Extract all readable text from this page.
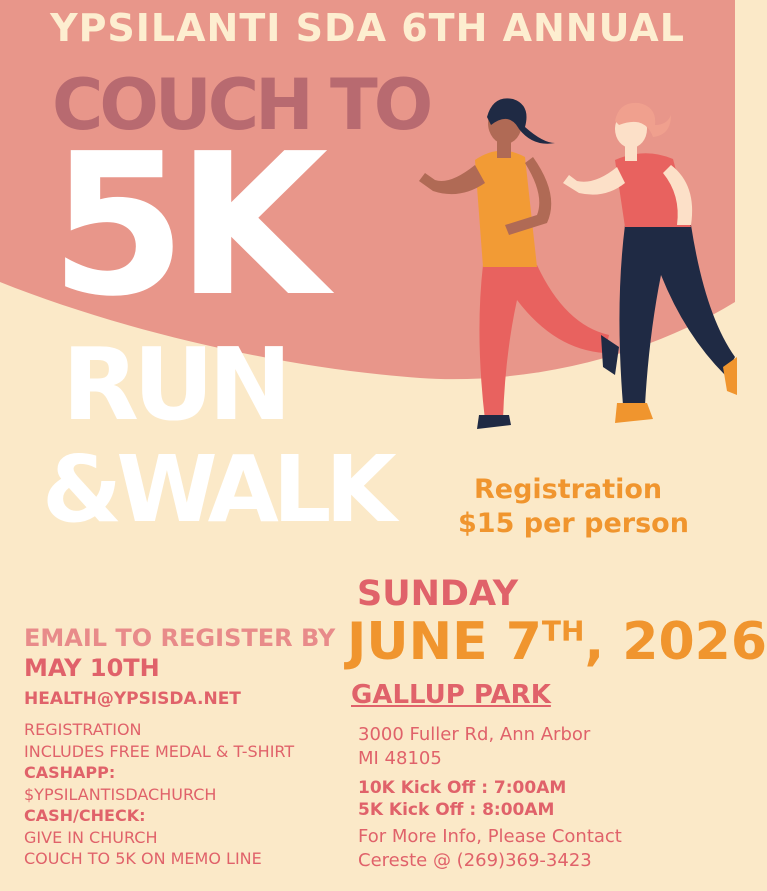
YPSILANTI SDA 6TH ANNUAL
COUCH TO
5K
RUN
&WALK	Registration
$15 per person
SUNDAY
JUNE 7TH, 2026
GALLUP PARK
3000 Fuller Rd, Ann Arbor
MI 48105
10K Kick Off : 7:00AM
5K Kick Off : 8:00AM
For More Info, Please Contact
Cereste @ (269)369-3423
EMAIL TO REGISTER BY
MAY 10TH
HEALTH@YPSISDA.NET
REGISTRATION
INCLUDES FREE MEDAL & T-SHIRT
CASHAPP:
$YPSILANTISDACHURCH
CASH/CHECK:
GIVE IN CHURCH
COUCH TO 5K ON MEMO LINE
